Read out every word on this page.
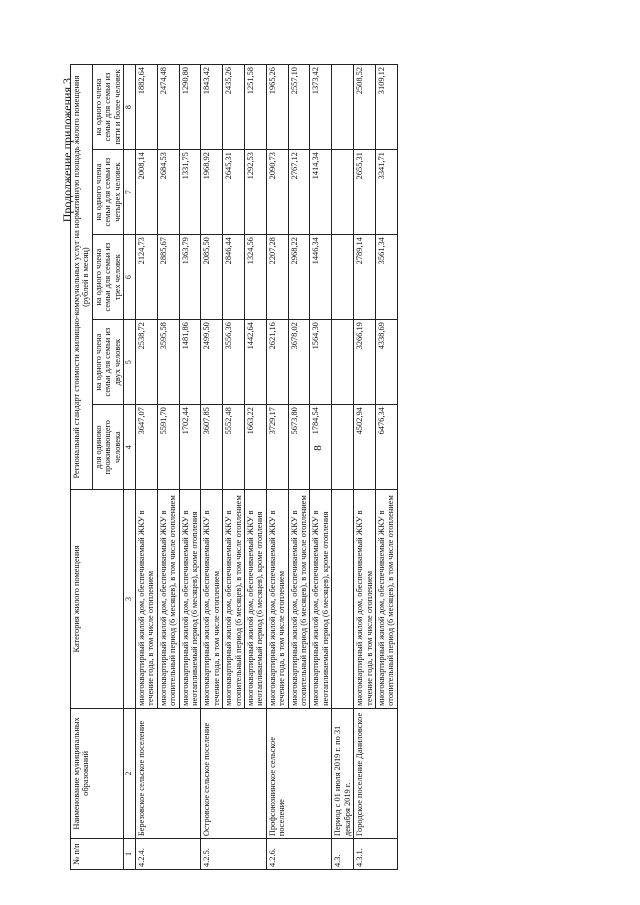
8
Продолжение приложения 3
№ п/п	Наименование муниципальных образований	Категория жилого помещения	Региональный стандарт стоимости жилищно-коммунальных услуг на нормативную площадь жилого помещения (рублей в месяц)				
			для одиноко проживающего человека	на одного члена семьи для семьи из двух человек	на одного члена семьи для семьи из трех человек	на одного члена семьи для семьи из четырех человек	на одного члена семьи для семьи из пяти и более человек
1	2	3	4	5	6	7	8
4.2.4.	Березовское сельское поселение	многоквартирный жилой дом, обеспечиваемый ЖКУ в течение года, в том числе отоплением	3647,07	2538,72	2124,73	2008,14	1882,64
		многоквартирный жилой дом, обеспечиваемый ЖКУ в отопительный период (6 месяцев), в том числе отоплением	5591,70	3595,58	2885,67	2684,53	2474,48
		многоквартирный жилой дом, обеспечиваемый ЖКУ в неотапливаемый период (6 месяцев), кроме отопления	1702,44	1481,86	1363,79	1331,75	1290,80
4.2.5.	Островское сельское поселение	многоквартирный жилой дом, обеспечиваемый ЖКУ в течение года, в том числе отоплением	3607,85	2499,50	2085,50	1968,92	1843,42
		многоквартирный жилой дом, обеспечиваемый ЖКУ в отопительный период (6 месяцев), в том числе отоплением	5552,48	3556,36	2846,44	2645,31	2435,26
		многоквартирный жилой дом, обеспечиваемый ЖКУ в неотапливаемый период (6 месяцев), кроме отопления	1663,22	1442,64	1324,56	1292,53	1251,58
4.2.6.	Профсоюзнинское сельское поселение	многоквартирный жилой дом, обеспечиваемый ЖКУ в течение года, в том числе отоплением	3729,17	2621,16	2207,28	2090,73	1965,26
		многоквартирный жилой дом, обеспечиваемый ЖКУ в отопительный период (6 месяцев), в том числе отоплением	5673,80	3678,02	2968,22	2767,12	2557,10
		многоквартирный жилой дом, обеспечиваемый ЖКУ в неотапливаемый период (6 месяцев), кроме отопления	1784,54	1564,30	1446,34	1414,34	1373,42
4.3.	Период с 01 июля 2019 г. по 31 декабря 2019 г.						
4.3.1.	Городское поселение Даниловское	многоквартирный жилой дом, обеспечиваемый ЖКУ в течение года, в том числе отоплением	4502,94	3266,19	2789,14	2655,31	2508,52
		многоквартирный жилой дом, обеспечиваемый ЖКУ в отопительный период (6 месяцев), в том числе отоплением	6476,34	4338,69	3561,34	3341,71	3109,12
